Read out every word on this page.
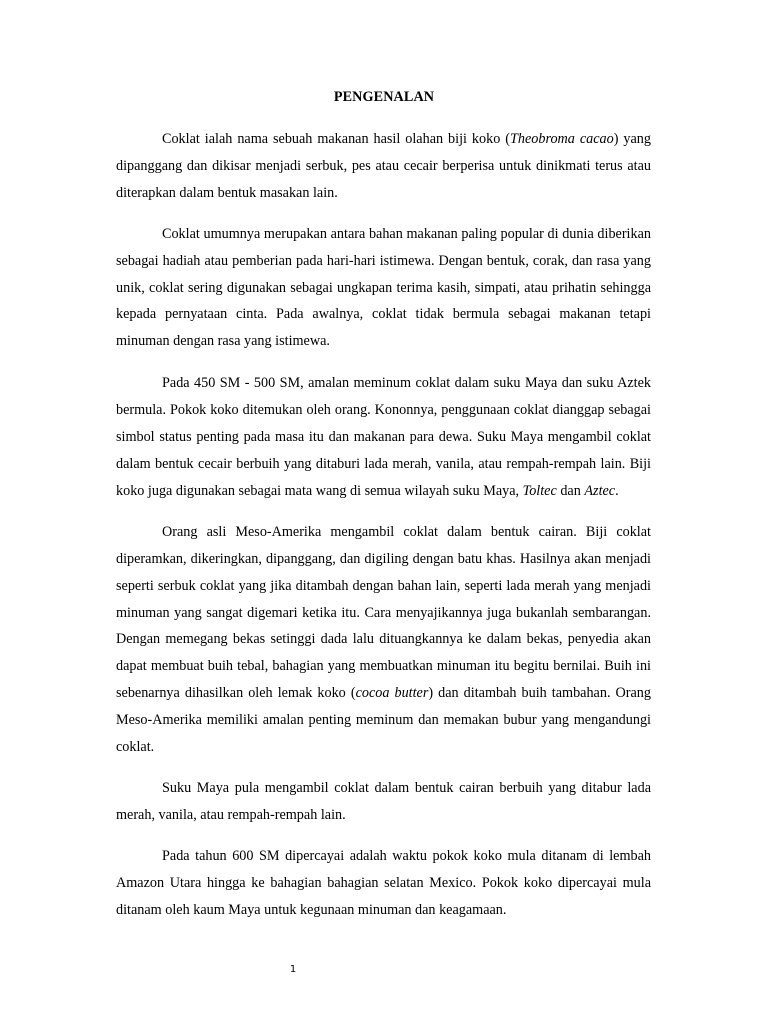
PENGENALAN

Coklat ialah nama sebuah makanan hasil olahan biji koko (Theobroma cacao) yang dipanggang dan dikisar menjadi serbuk, pes atau cecair berperisa untuk dinikmati terus atau diterapkan dalam bentuk masakan lain.

Coklat umumnya merupakan antara bahan makanan paling popular di dunia diberikan sebagai hadiah atau pemberian pada hari-hari istimewa. Dengan bentuk, corak, dan rasa yang unik, coklat sering digunakan sebagai ungkapan terima kasih, simpati, atau prihatin sehingga kepada pernyataan cinta. Pada awalnya, coklat tidak bermula sebagai makanan tetapi minuman dengan rasa yang istimewa.

Pada 450 SM - 500 SM, amalan meminum coklat dalam suku Maya dan suku Aztek bermula. Pokok koko ditemukan oleh orang. Kononnya, penggunaan coklat dianggap sebagai simbol status penting pada masa itu dan makanan para dewa. Suku Maya mengambil coklat dalam bentuk cecair berbuih yang ditaburi lada merah, vanila, atau rempah-rempah lain. Biji koko juga digunakan sebagai mata wang di semua wilayah suku Maya, Toltec dan Aztec.

Orang asli Meso-Amerika mengambil coklat dalam bentuk cairan. Biji coklat diperamkan, dikeringkan, dipanggang, dan digiling dengan batu khas. Hasilnya akan menjadi seperti serbuk coklat yang jika ditambah dengan bahan lain, seperti lada merah yang menjadi minuman yang sangat digemari ketika itu. Cara menyajikannya juga bukanlah sembarangan. Dengan memegang bekas setinggi dada lalu dituangkannya ke dalam bekas, penyedia akan dapat membuat buih tebal, bahagian yang membuatkan minuman itu begitu bernilai. Buih ini sebenarnya dihasilkan oleh lemak koko (cocoa butter) dan ditambah buih tambahan. Orang Meso-Amerika memiliki amalan penting meminum dan memakan bubur yang mengandungi coklat.

Suku Maya pula mengambil coklat dalam bentuk cairan berbuih yang ditabur lada merah, vanila, atau rempah-rempah lain.

Pada tahun 600 SM dipercayai adalah waktu pokok koko mula ditanam di lembah Amazon Utara hingga ke bahagian bahagian selatan Mexico. Pokok koko dipercayai mula ditanam oleh kaum Maya untuk kegunaan minuman dan keagamaan.

1
